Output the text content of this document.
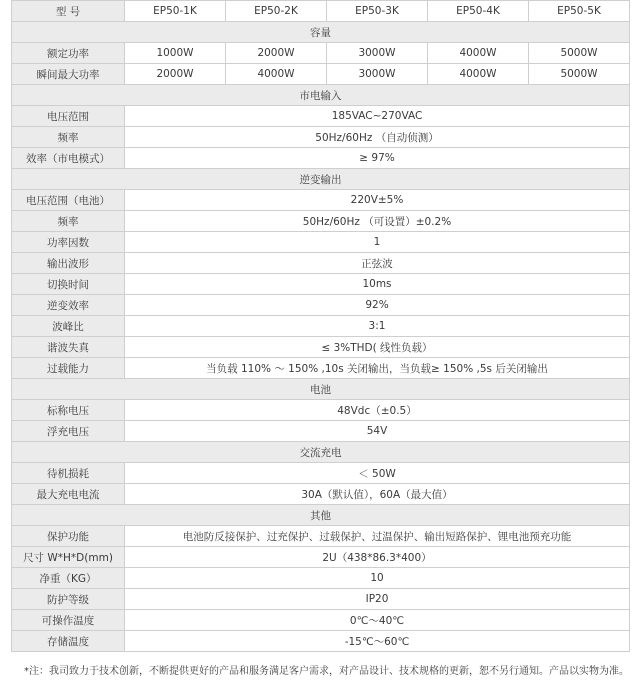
型 号	EP50-1K	EP50-2K	EP50-3K	EP50-4K	EP50-5K
容量					
额定功率	1000W	2000W	3000W	4000W	5000W
瞬间最大功率	2000W	4000W	3000W	4000W	5000W
市电输入					
电压范围	185VAC~270VAC				
频率	50Hz/60Hz （自动侦测）				
效率（市电模式）	≥ 97%				
逆变输出					
电压范围（电池）	220V±5%				
频率	50Hz/60Hz （可设置）±0.2%				
功率因数	1				
输出波形	正弦波				
切换时间	10ms				
逆变效率	92%				
波峰比	3:1				
谐波失真	≤ 3%THD( 线性负载）				
过载能力	当负载 110% ～ 150% ,10s 关闭输出，当负载≥ 150% ,5s 后关闭输出				
电池					
标称电压	48Vdc（±0.5）				
浮充电压	54V				
交流充电					
待机损耗	＜ 50W				
最大充电电流	30A（默认值），60A（最大值）				
其他					
保护功能	电池防反接保护、过充保护、过载保护、过温保护、输出短路保护、锂电池预充功能				
尺寸 W*H*D(mm)	2U（438*86.3*400）				
净重（KG）	10				
防护等级	IP20				
可操作温度	0℃～40℃				
存储温度	-15℃～60℃				
*注：我司致力于技术创新，不断提供更好的产品和服务满足客户需求，对产品设计、技术规格的更新，恕不另行通知。产品以实物为准。
